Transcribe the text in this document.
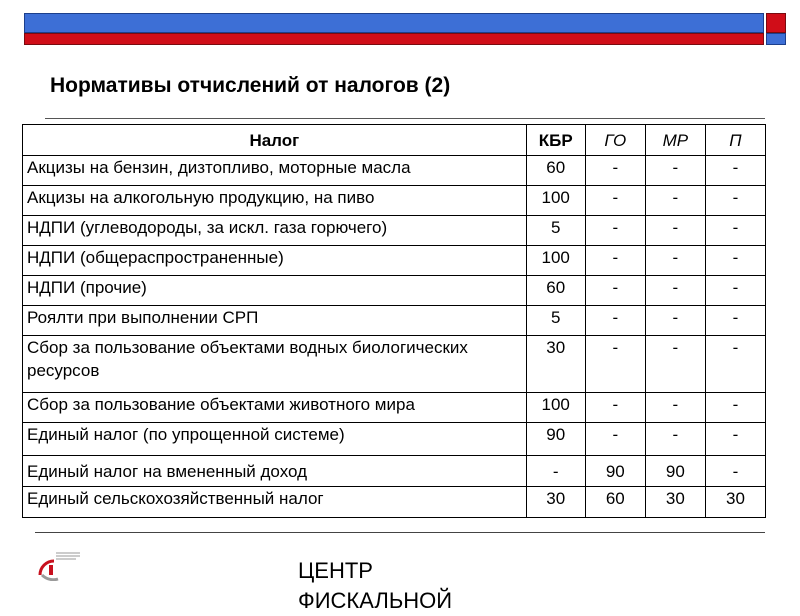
Нормативы отчислений от налогов (2)
Налог	КБР	ГО	МР	П
Акцизы на бензин, дизтопливо, моторные масла	60	-	-	-
Акцизы на алкогольную продукцию, на пиво	100	-	-	-
НДПИ (углеводороды, за искл. газа горючего)	5	-	-	-
НДПИ (общераспространенные)	100	-	-	-
НДПИ (прочие)	60	-	-	-
Роялти при выполнении СРП	5	-	-	-
Сбор за пользование объектами водных биологических ресурсов	30	-	-	-
Сбор за пользование объектами животного мира	100	-	-	-
Единый налог (по упрощенной системе)	90	-	-	-
Единый налог на вмененный доход	-	90	90	-
Единый сельскохозяйственный налог	30	60	30	30
ЦЕНТР
ФИСКАЛЬНОЙ
